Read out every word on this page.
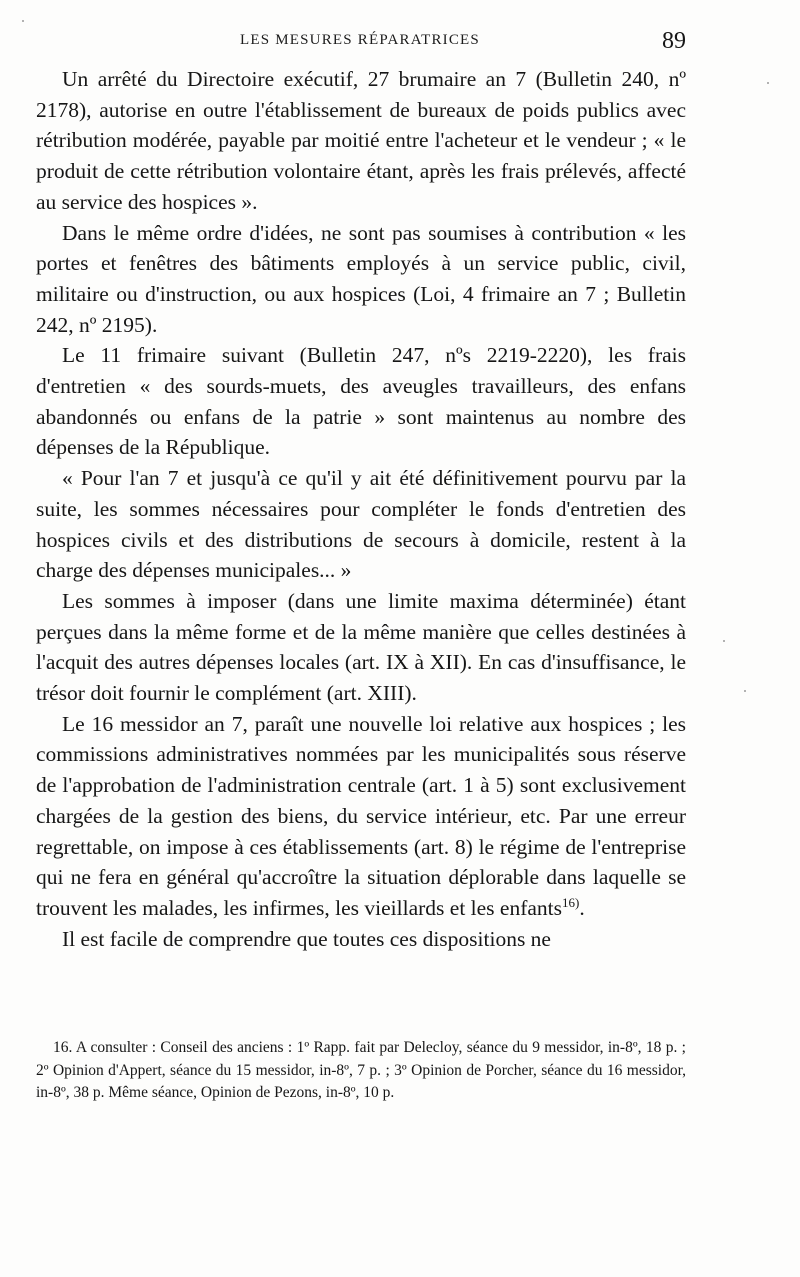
LES MESURES RÉPARATRICES	89

Un arrêté du Directoire exécutif, 27 brumaire an 7 (Bulletin 240, nº 2178), autorise en outre l'établissement de bureaux de poids publics avec rétribution modérée, payable par moitié entre l'acheteur et le vendeur ; « le produit de cette rétribution volontaire étant, après les frais prélevés, affecté au service des hospices ».

Dans le même ordre d'idées, ne sont pas soumises à contribution « les portes et fenêtres des bâtiments employés à un service public, civil, militaire ou d'instruction, ou aux hospices (Loi, 4 frimaire an 7 ; Bulletin 242, nº 2195).

Le 11 frimaire suivant (Bulletin 247, nºs 2219-2220), les frais d'entretien « des sourds-muets, des aveugles travailleurs, des enfans abandonnés ou enfans de la patrie » sont maintenus au nombre des dépenses de la République.

« Pour l'an 7 et jusqu'à ce qu'il y ait été définitivement pourvu par la suite, les sommes nécessaires pour compléter le fonds d'entretien des hospices civils et des distributions de secours à domicile, restent à la charge des dépenses municipales... »

Les sommes à imposer (dans une limite maxima déterminée) étant perçues dans la même forme et de la même manière que celles destinées à l'acquit des autres dépenses locales (art. IX à XII). En cas d'insuffisance, le trésor doit fournir le complément (art. XIII).

Le 16 messidor an 7, paraît une nouvelle loi relative aux hospices ; les commissions administratives nommées par les municipalités sous réserve de l'approbation de l'administration centrale (art. 1 à 5) sont exclusivement chargées de la gestion des biens, du service intérieur, etc. Par une erreur regrettable, on impose à ces établissements (art. 8) le régime de l'entreprise qui ne fera en général qu'accroître la situation déplorable dans laquelle se trouvent les malades, les infirmes, les vieillards et les enfants$^{16)}$.

Il est facile de comprendre que toutes ces dispositions ne

16. A consulter : Conseil des anciens : 1º Rapp. fait par Delecloy, séance du 9 messidor, in-8º, 18 p. ; 2º Opinion d'Appert, séance du 15 messidor, in-8º, 7 p. ; 3º Opinion de Porcher, séance du 16 messidor, in-8º, 38 p. Même séance, Opinion de Pezons, in-8º, 10 p.
